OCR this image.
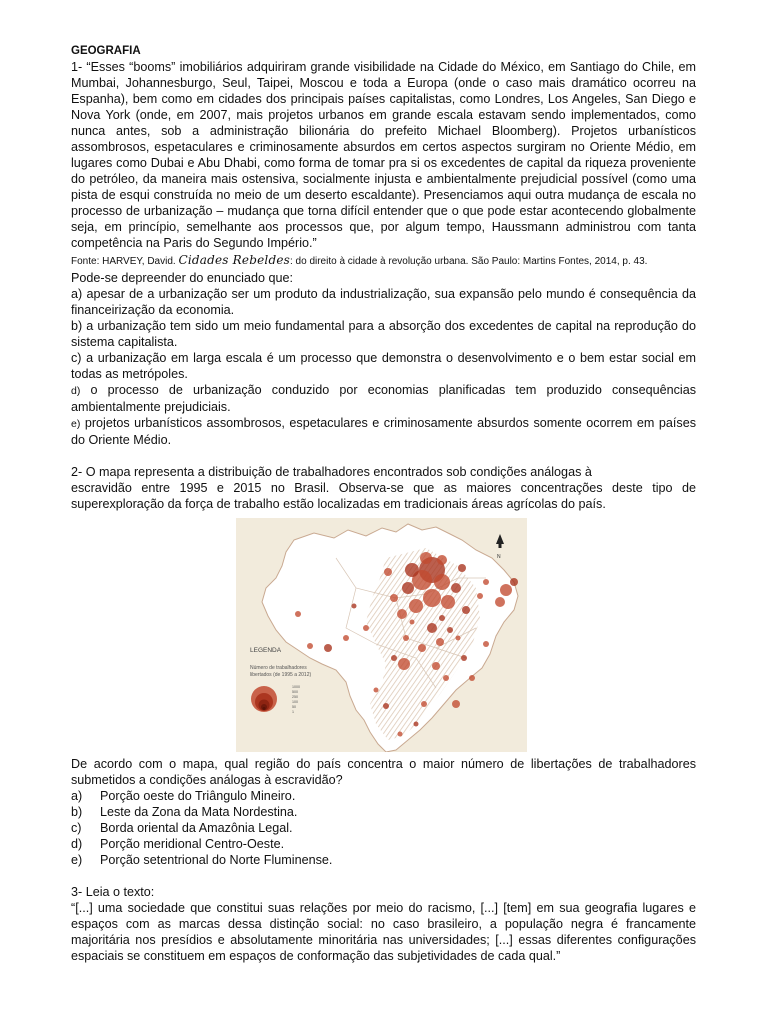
GEOGRAFIA

1- “Esses “booms” imobiliários adquiriram grande visibilidade na Cidade do México, em Santiago do Chile, em Mumbai, Johannesburgo, Seul, Taipei, Moscou e toda a Europa (onde o caso mais dramático ocorreu na Espanha), bem como em cidades dos principais países capitalistas, como Londres, Los Angeles, San Diego e Nova York (onde, em 2007, mais projetos urbanos em grande escala estavam sendo implementados, como nunca antes, sob a administração bilionária do prefeito Michael Bloomberg). Projetos urbanísticos assombrosos, espetaculares e criminosamente absurdos em certos aspectos surgiram no Oriente Médio, em lugares como Dubai e Abu Dhabi, como forma de tomar pra si os excedentes de capital da riqueza proveniente do petróleo, da maneira mais ostensiva, socialmente injusta e ambientalmente prejudicial possível (como uma pista de esqui construída no meio de um deserto escaldante). Presenciamos aqui outra mudança de escala no processo de urbanização – mudança que torna difícil entender que o que pode estar acontecendo globalmente seja, em princípio, semelhante aos processos que, por algum tempo, Haussmann administrou com tanta competência na Paris do Segundo Império.”

Fonte: HARVEY, David. Cidades Rebeldes: do direito à cidade à revolução urbana. São Paulo: Martins Fontes, 2014, p. 43.

Pode-se depreender do enunciado que:

a) apesar de a urbanização ser um produto da industrialização, sua expansão pelo mundo é consequência da financeirização da economia.

b) a urbanização tem sido um meio fundamental para a absorção dos excedentes de capital na reprodução do sistema capitalista.

c) a urbanização em larga escala é um processo que demonstra o desenvolvimento e o bem estar social em todas as metrópoles.

d) o processo de urbanização conduzido por economias planificadas tem produzido consequências ambientalmente prejudiciais.

e) projetos urbanísticos assombrosos, espetaculares e criminosamente absurdos somente ocorrem em países do Oriente Médio.

2- O mapa representa a distribuição de trabalhadores encontrados sob condições análogas à

escravidão entre 1995 e 2015 no Brasil. Observa-se que as maiores concentrações deste tipo de superexploração da força de trabalho estão localizadas em tradicionais áreas agrícolas do país.

N
LEGENDA
Número de trabalhadores
libertados (de 1995 a 2012)
1000
500
250
100
50
1

De acordo com o mapa, qual região do país concentra o maior número de libertações de trabalhadores submetidos a condições análogas à escravidão?

a)	Porção oeste do Triângulo Mineiro.
b)	Leste da Zona da Mata Nordestina.
c)	Borda oriental da Amazônia Legal.
d)	Porção meridional Centro-Oeste.
e)	Porção setentrional do Norte Fluminense.

3- Leia o texto:

“[...] uma sociedade que constitui suas relações por meio do racismo, [...] [tem] em sua geografia lugares e espaços com as marcas dessa distinção social: no caso brasileiro, a população negra é francamente majoritária nos presídios e absolutamente minoritária nas universidades; [...] essas diferentes configurações espaciais se constituem em espaços de conformação das subjetividades de cada qual.”
